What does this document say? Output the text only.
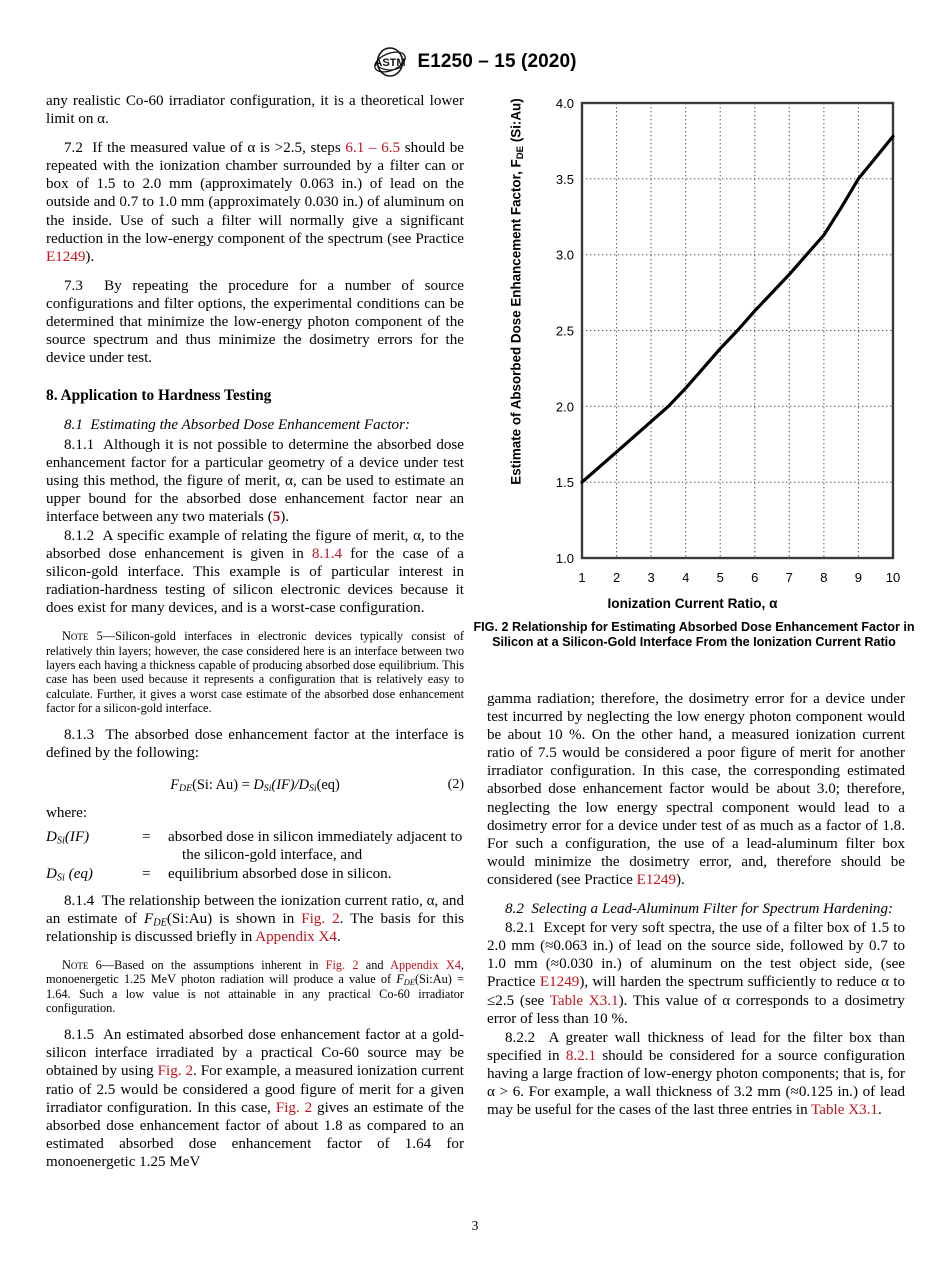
ASTM E1250 – 15 (2020)

any realistic Co-60 irradiator configuration, it is a theoretical lower limit on α.

7.2 If the measured value of α is >2.5, steps 6.1 – 6.5 should be repeated with the ionization chamber surrounded by a filter can or box of 1.5 to 2.0 mm (approximately 0.063 in.) of lead on the outside and 0.7 to 1.0 mm (approximately 0.030 in.) of aluminum on the inside. Use of such a filter will normally give a significant reduction in the low-energy component of the spectrum (see Practice E1249).

7.3 By repeating the procedure for a number of source configurations and filter options, the experimental conditions can be determined that minimize the low-energy photon component of the source spectrum and thus minimize the dosimetry errors for the device under test.

8. Application to Hardness Testing

8.1 Estimating the Absorbed Dose Enhancement Factor:

8.1.1 Although it is not possible to determine the absorbed dose enhancement factor for a particular geometry of a device under test using this method, the figure of merit, α, can be used to estimate an upper bound for the absorbed dose enhancement factor near an interface between any two materials (5).

8.1.2 A specific example of relating the figure of merit, α, to the absorbed dose enhancement is given in 8.1.4 for the case of a silicon-gold interface. This example is of particular interest in radiation-hardness testing of silicon electronic devices because it does exist for many devices, and is a worst-case configuration.

Note 5—Silicon-gold interfaces in electronic devices typically consist of relatively thin layers; however, the case considered here is an interface between two layers each having a thickness capable of producing absorbed dose equilibrium. This case has been used because it represents a configuration that is relatively easy to calculate. Further, it gives a worst case estimate of the absorbed dose enhancement factor for a silicon-gold interface.

8.1.3 The absorbed dose enhancement factor at the interface is defined by the following:

$F_{DE}(Si$: $Au) = D_{Si}(IF)/D_{Si}(eq)$	(2)

where:

$D_{Si}(IF)$	=	absorbed dose in silicon immediately adjacent to
the silicon-gold interface, and
$D_{Si}$ (eq)	=	equilibrium absorbed dose in silicon.

8.1.4 The relationship between the ionization current ratio, α, and an estimate of $F_{DE}(Si:Au)$ is shown in Fig. 2. The basis for this relationship is discussed briefly in Appendix X4.

Note 6—Based on the assumptions inherent in Fig. 2 and Appendix X4, monoenergetic 1.25 MeV photon radiation will produce a value of $F_{DE}(Si:Au) = 1.64$. Such a low value is not attainable in any practical Co-60 irradiator configuration.

8.1.5 An estimated absorbed dose enhancement factor at a gold-silicon interface irradiated by a practical Co-60 source may be obtained by using Fig. 2. For example, a measured ionization current ratio of 2.5 would be considered a good figure of merit for a given irradiator configuration. In this case, Fig. 2 gives an estimate of the absorbed dose enhancement factor of about 1.8 as compared to an estimated absorbed dose enhancement factor of 1.64 for monoenergetic 1.25 MeV

Estimate of Absorbed Dose Enhancement Factor, $F_{DE}$ (Si:Au) 4.0
3.5
3.0
2.5
2.0
1.5
1.0
1 2 3 4 5 6 7 8 9 10
Ionization Current Ratio, α
FIG. 2 Relationship for Estimating Absorbed Dose Enhancement Factor in Silicon at a Silicon-Gold Interface From the Ionization Current Ratio

gamma radiation; therefore, the dosimetry error for a device under test incurred by neglecting the low energy photon component would be about 10 %. On the other hand, a measured ionization current ratio of 7.5 would be considered a poor figure of merit for another irradiator configuration. In this case, the corresponding estimated absorbed dose enhancement factor would be about 3.0; therefore, neglecting the low energy spectral component would lead to a dosimetry error for a device under test of as much as a factor of 1.8. For such a configuration, the use of a lead-aluminum filter box would minimize the dosimetry error, and, therefore should be considered (see Practice E1249).

8.2 Selecting a Lead-Aluminum Filter for Spectrum Hardening:

8.2.1 Except for very soft spectra, the use of a filter box of 1.5 to 2.0 mm (≈0.063 in.) of lead on the source side, followed by 0.7 to 1.0 mm (≈0.030 in.) of aluminum on the test object side, (see Practice E1249), will harden the spectrum sufficiently to reduce α to ≤2.5 (see Table X3.1). This value of α corresponds to a dosimetry error of less than 10 %.

8.2.2 A greater wall thickness of lead for the filter box than specified in 8.2.1 should be considered for a source configuration having a large fraction of low-energy photon components; that is, for α > 6. For example, a wall thickness of 3.2 mm (≈0.125 in.) of lead may be useful for the cases of the last three entries in Table X3.1.

3
